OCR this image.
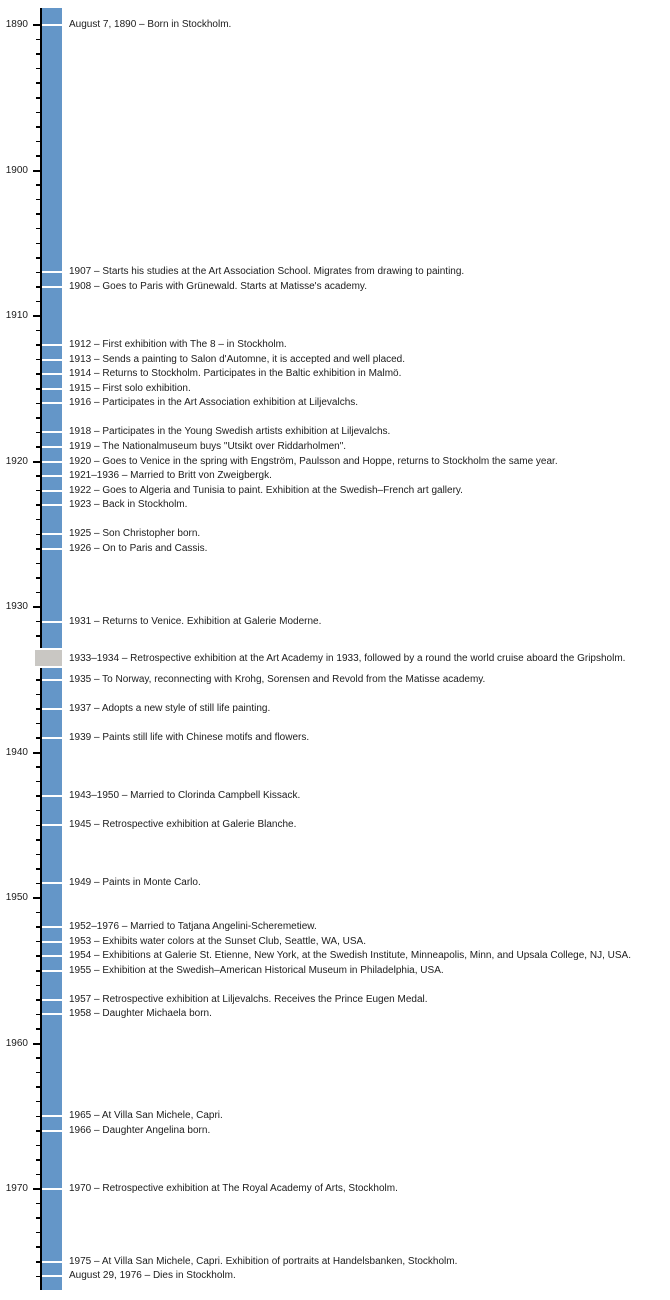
1890
1900
1910
1920
1930
1940
1950
1960
1970
August 7, 1890 – Born in Stockholm.
1907 – Starts his studies at the Art Association School. Migrates from drawing to painting.
1908 – Goes to Paris with Grünewald. Starts at Matisse's academy.
1912 – First exhibition with The 8 – in Stockholm.
1913 – Sends a painting to Salon d'Automne, it is accepted and well placed.
1914 – Returns to Stockholm. Participates in the Baltic exhibition in Malmö.
1915 – First solo exhibition.
1916 – Participates in the Art Association exhibition at Liljevalchs.
1918 – Participates in the Young Swedish artists exhibition at Liljevalchs.
1919 – The Nationalmuseum buys "Utsikt over Riddarholmen".
1920 – Goes to Venice in the spring with Engström, Paulsson and Hoppe, returns to Stockholm the same year.
1921–1936 – Married to Britt von Zweigbergk.
1922 – Goes to Algeria and Tunisia to paint. Exhibition at the Swedish–French art gallery.
1923 – Back in Stockholm.
1925 – Son Christopher born.
1926 – On to Paris and Cassis.
1931 – Returns to Venice. Exhibition at Galerie Moderne.
1933–1934 – Retrospective exhibition at the Art Academy in 1933, followed by a round the world cruise aboard the Gripsholm.
1935 – To Norway, reconnecting with Krohg, Sorensen and Revold from the Matisse academy.
1937 – Adopts a new style of still life painting.
1939 – Paints still life with Chinese motifs and flowers.
1943–1950 – Married to Clorinda Campbell Kissack.
1945 – Retrospective exhibition at Galerie Blanche.
1949 – Paints in Monte Carlo.
1952–1976 – Married to Tatjana Angelini-Scheremetiew.
1953 – Exhibits water colors at the Sunset Club, Seattle, WA, USA.
1954 – Exhibitions at Galerie St. Etienne, New York, at the Swedish Institute, Minneapolis, Minn, and Upsala College, NJ, USA.
1955 – Exhibition at the Swedish–American Historical Museum in Philadelphia, USA.
1957 – Retrospective exhibition at Liljevalchs. Receives the Prince Eugen Medal.
1958 – Daughter Michaela born.
1965 – At Villa San Michele, Capri.
1966 – Daughter Angelina born.
1970 – Retrospective exhibition at The Royal Academy of Arts, Stockholm.
1975 – At Villa San Michele, Capri. Exhibition of portraits at Handelsbanken, Stockholm.
August 29, 1976 – Dies in Stockholm.
